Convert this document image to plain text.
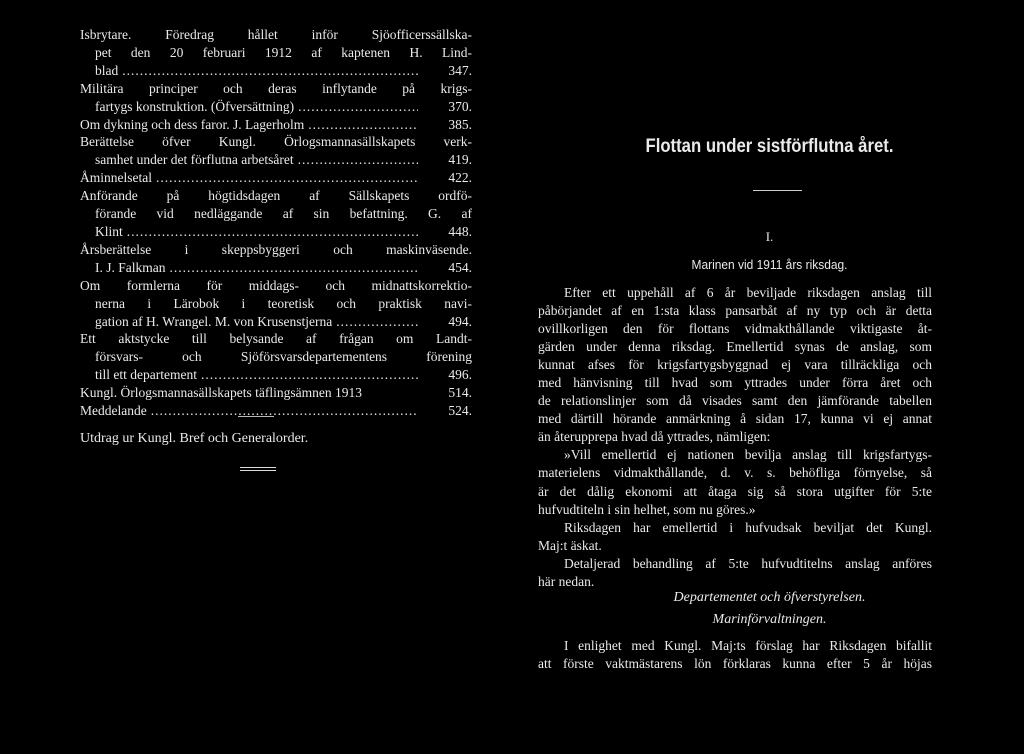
Isbrytare. Föredrag hållet inför Sjöofficerssällska-
pet den 20 februari 1912 af kaptenen H. Lind-
blad .....	347.
Militära principer och deras inflytande på krigs-
fartygs konstruktion. (Öfversättning) .....	370.
Om dykning och dess faror. J. Lagerholm .....	385.
Berättelse öfver Kungl. Örlogsmannasällskapets verk-
samhet under det förflutna arbetsåret .....	419.
Åminnelsetal .....	422.
Anförande på högtidsdagen af Sällskapets ordfö-
förande vid nedläggande af sin befattning. G. af
Klint .....	448.
Årsberättelse i skeppsbyggeri och maskinväsende.
I. J. Falkman .....	454.
Om formlerna för middags- och midnattskorrektio-
nerna i Lärobok i teoretisk och praktisk navi-
gation af H. Wrangel. M. von Krusenstjerna .....	494.
Ett aktstycke till belysande af frågan om Landt-
försvars- och Sjöförsvarsdepartementens förening
till ett departement .....	496.
Kungl. Örlogsmannasällskapets täflingsämnen 1913	514.
Meddelande .....	524.
Utdrag ur Kungl. Bref och Generalorder.
Flottan under sistförflutna året.
I.
Marinen vid 1911 års riksdag.
Efter ett uppehåll af 6 år beviljade riksdagen anslag till
påbörjandet af en 1:sta klass pansarbåt af ny typ och är detta
ovillkorligen den för flottans vidmakthållande viktigaste åt-
gärden under denna riksdag. Emellertid synas de anslag, som
kunnat afses för krigsfartygsbyggnad ej vara tillräckliga och
med hänvisning till hvad som yttrades under förra året och
de relationslinjer som då visades samt den jämförande tabellen
med därtill hörande anmärkning å sidan 17, kunna vi ej annat
än återupprepa hvad då yttrades, nämligen:
»Vill emellertid ej nationen bevilja anslag till krigsfartygs-
materielens vidmakthållande, d. v. s. behöfliga förnyelse, så
är det dålig ekonomi att åtaga sig så stora utgifter för 5:te
hufvudtiteln i sin helhet, som nu göres.»
Riksdagen har emellertid i hufvudsak beviljat det Kungl.
Maj:t äskat.
Detaljerad behandling af 5:te hufvudtitelns anslag anföres
här nedan.
Departementet och öfverstyrelsen.
Marinförvaltningen.
I enlighet med Kungl. Maj:ts förslag har Riksdagen bifallit
att förste vaktmästarens lön förklaras kunna efter 5 år höjas
